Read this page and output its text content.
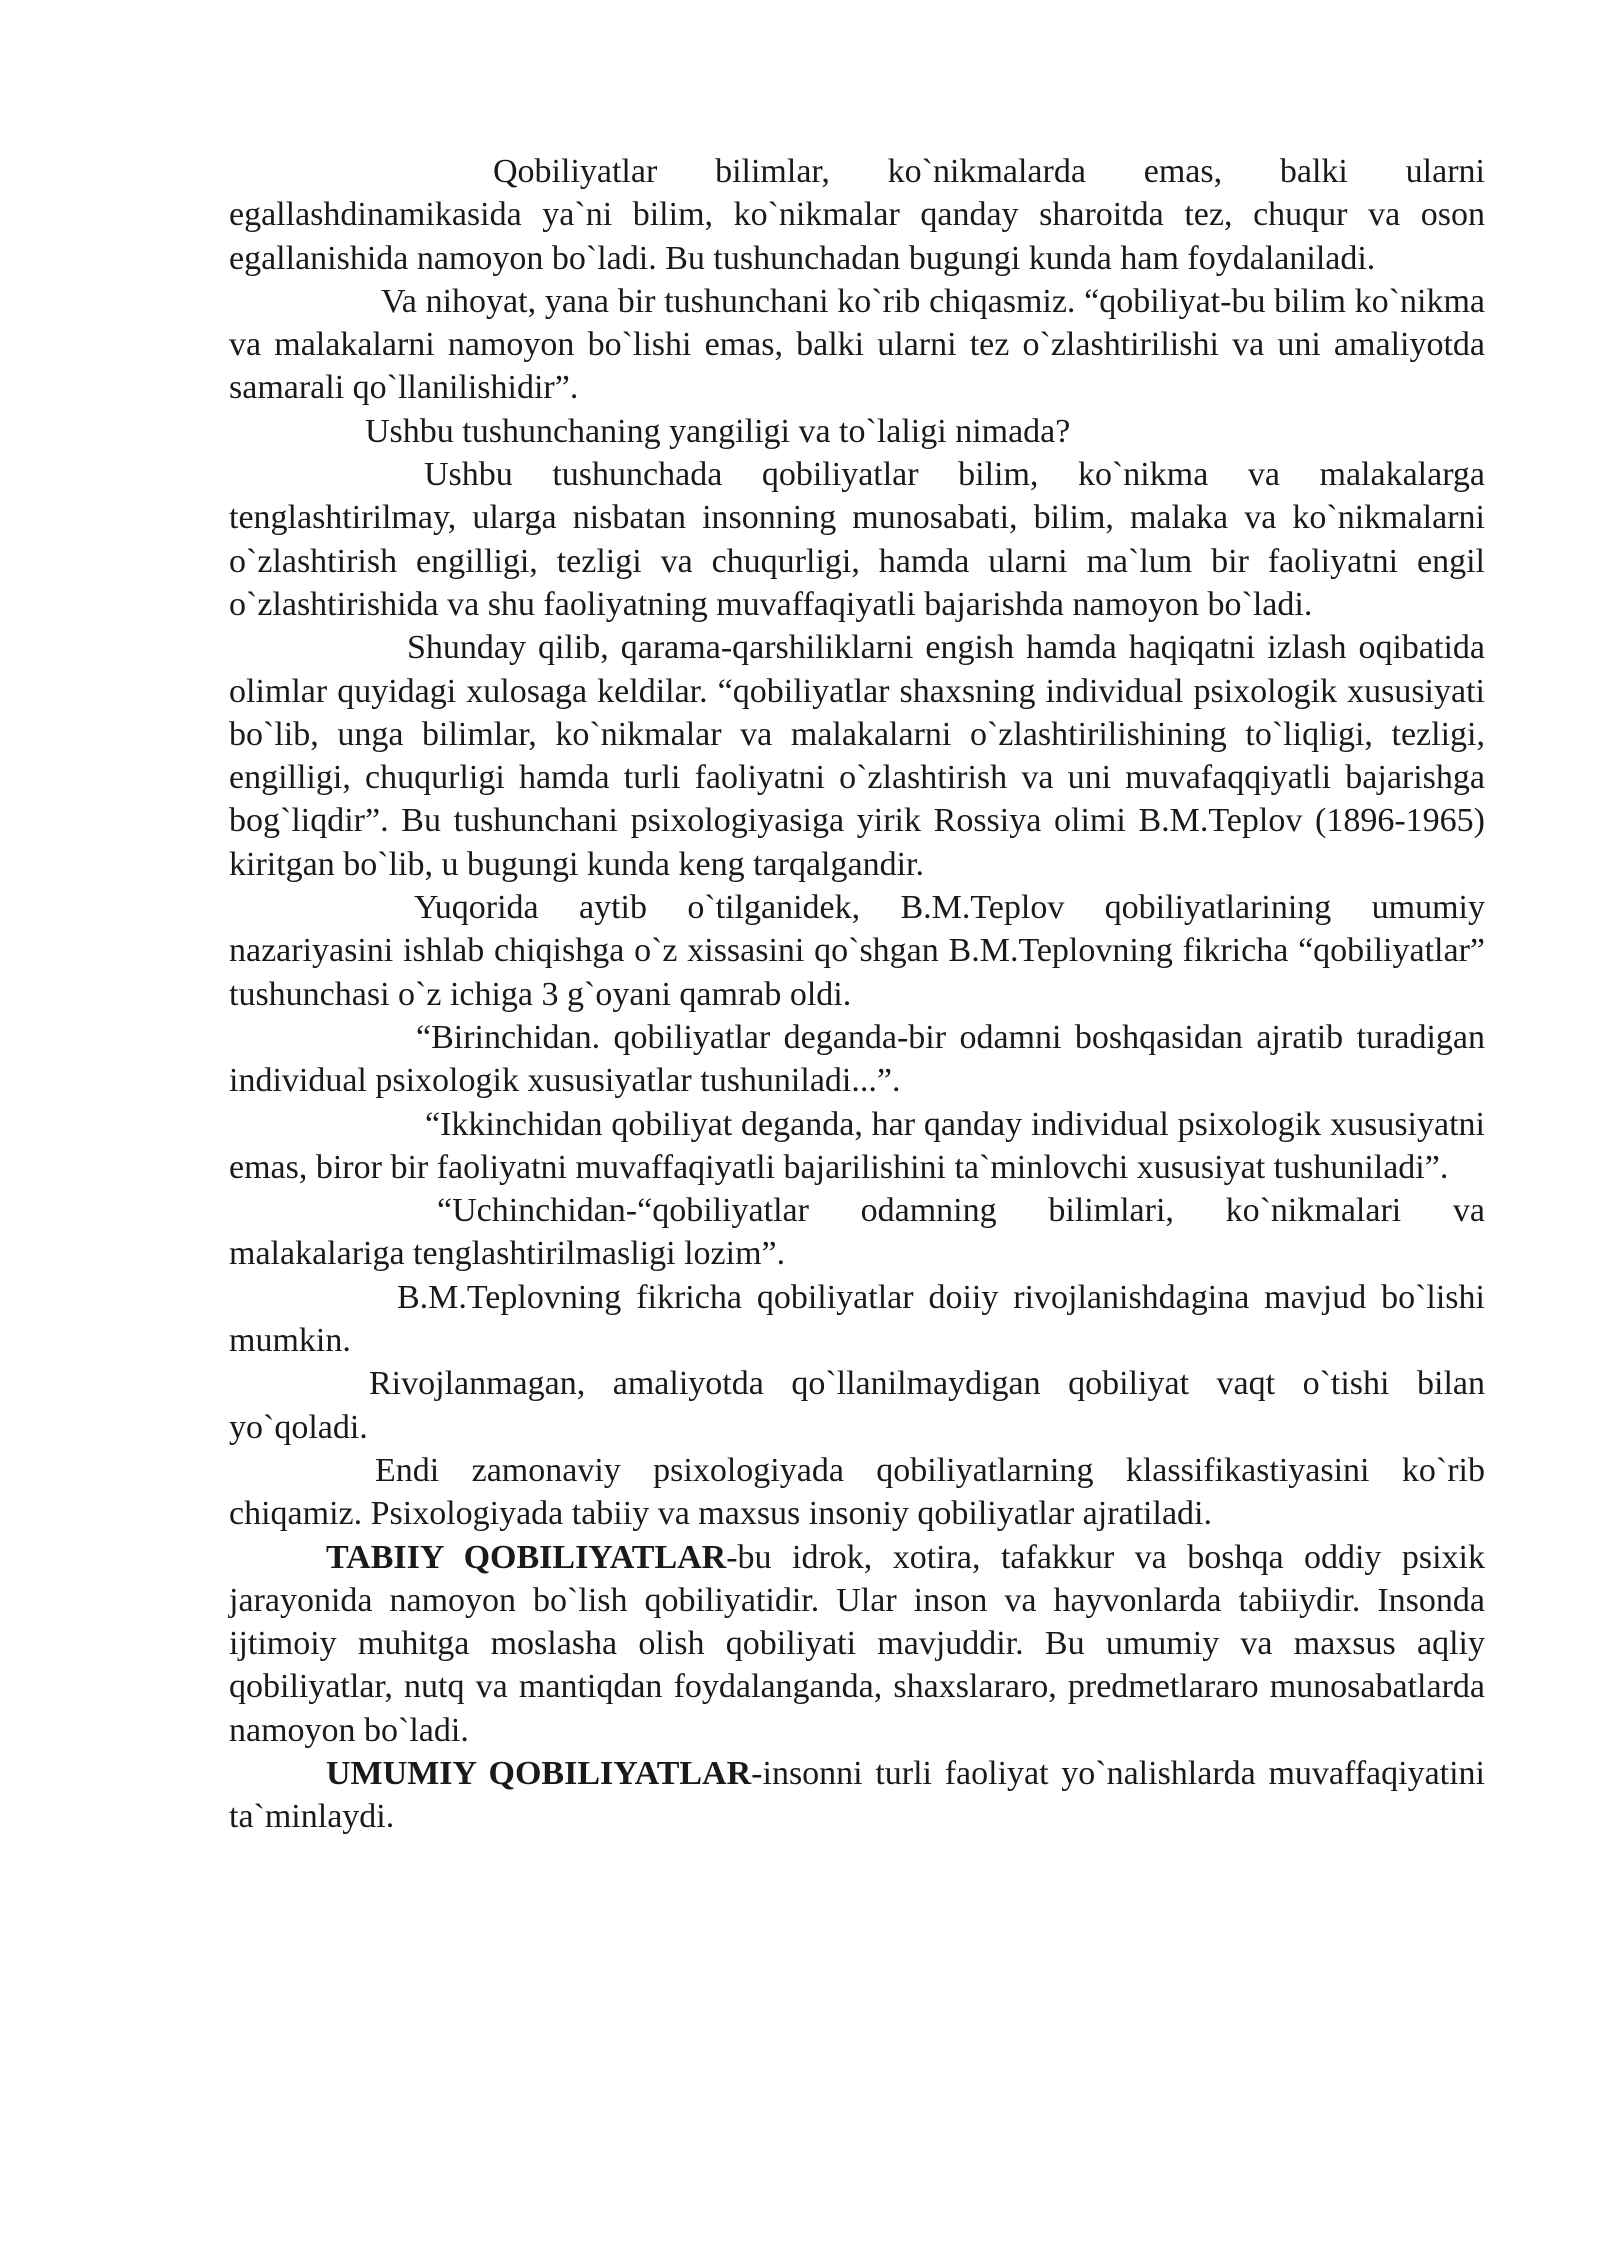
Qobiliyatlar bilimlar, ko`nikmalarda emas, balki ularni egallashdinamikasida ya`ni bilim, ko`nikmalar qanday sharoitda tez, chuqur va oson egallanishida namoyon bo`ladi. Bu tushunchadan bugungi kunda ham foydalaniladi.

Va nihoyat, yana bir tushunchani ko`rib chiqasmiz. “qobiliyat-bu bilim ko`nikma va malakalarni namoyon bo`lishi emas, balki ularni tez o`zlashtirilishi va uni amaliyotda samarali qo`llanilishidir”.

Ushbu tushunchaning yangiligi va to`laligi nimada?

Ushbu tushunchada qobiliyatlar bilim, ko`nikma va malakalarga tenglashtirilmay, ularga nisbatan insonning munosabati, bilim, malaka va ko`nikmalarni o`zlashtirish engilligi, tezligi va chuqurligi, hamda ularni ma`lum bir faoliyatni engil o`zlashtirishida va shu faoliyatning muvaffaqiyatli bajarishda namoyon bo`ladi.

Shunday qilib, qarama-qarshiliklarni engish hamda haqiqatni izlash oqibatida olimlar quyidagi xulosaga keldilar. “qobiliyatlar shaxsning individual psixologik xususiyati bo`lib, unga bilimlar, ko`nikmalar va malakalarni o`zlashtirilishining to`liqligi, tezligi, engilligi, chuqurligi hamda turli faoliyatni o`zlashtirish va uni muvafaqqiyatli bajarishga bog`liqdir”. Bu tushunchani psixologiyasiga yirik Rossiya olimi B.M.Teplov (1896-1965) kiritgan bo`lib, u bugungi kunda keng tarqalgandir.

Yuqorida aytib o`tilganidek, B.M.Teplov qobiliyatlarining umumiy nazariyasini ishlab chiqishga o`z xissasini qo`shgan B.M.Teplovning fikricha “qobiliyatlar” tushunchasi o`z ichiga 3 g`oyani qamrab oldi.

“Birinchidan. qobiliyatlar deganda-bir odamni boshqasidan ajratib turadigan individual psixologik xususiyatlar tushuniladi...”.

“Ikkinchidan qobiliyat deganda, har qanday individual psixologik xususiyatni emas, biror bir faoliyatni muvaffaqiyatli bajarilishini ta`minlovchi xususiyat tushuniladi”.

“Uchinchidan-“qobiliyatlar odamning bilimlari, ko`nikmalari va malakalariga tenglashtirilmasligi lozim”.

B.M.Teplovning fikricha qobiliyatlar doiiy rivojlanishdagina mavjud bo`lishi mumkin.

Rivojlanmagan, amaliyotda qo`llanilmaydigan qobiliyat vaqt o`tishi bilan yo`qoladi.

Endi zamonaviy psixologiyada qobiliyatlarning klassifikastiyasini ko`rib chiqamiz. Psixologiyada tabiiy va maxsus insoniy qobiliyatlar ajratiladi.

TABIIY QOBILIYATLAR-bu idrok, xotira, tafakkur va boshqa oddiy psixik jarayonida namoyon bo`lish qobiliyatidir. Ular inson va hayvonlarda tabiiydir. Insonda ijtimoiy muhitga moslasha olish qobiliyati mavjuddir. Bu umumiy va maxsus aqliy qobiliyatlar, nutq va mantiqdan foydalanganda, shaxslararo, predmetlararo munosabatlarda namoyon bo`ladi.

UMUMIY QOBILIYATLAR-insonni turli faoliyat yo`nalishlarda muvaffaqiyatini ta`minlaydi.
